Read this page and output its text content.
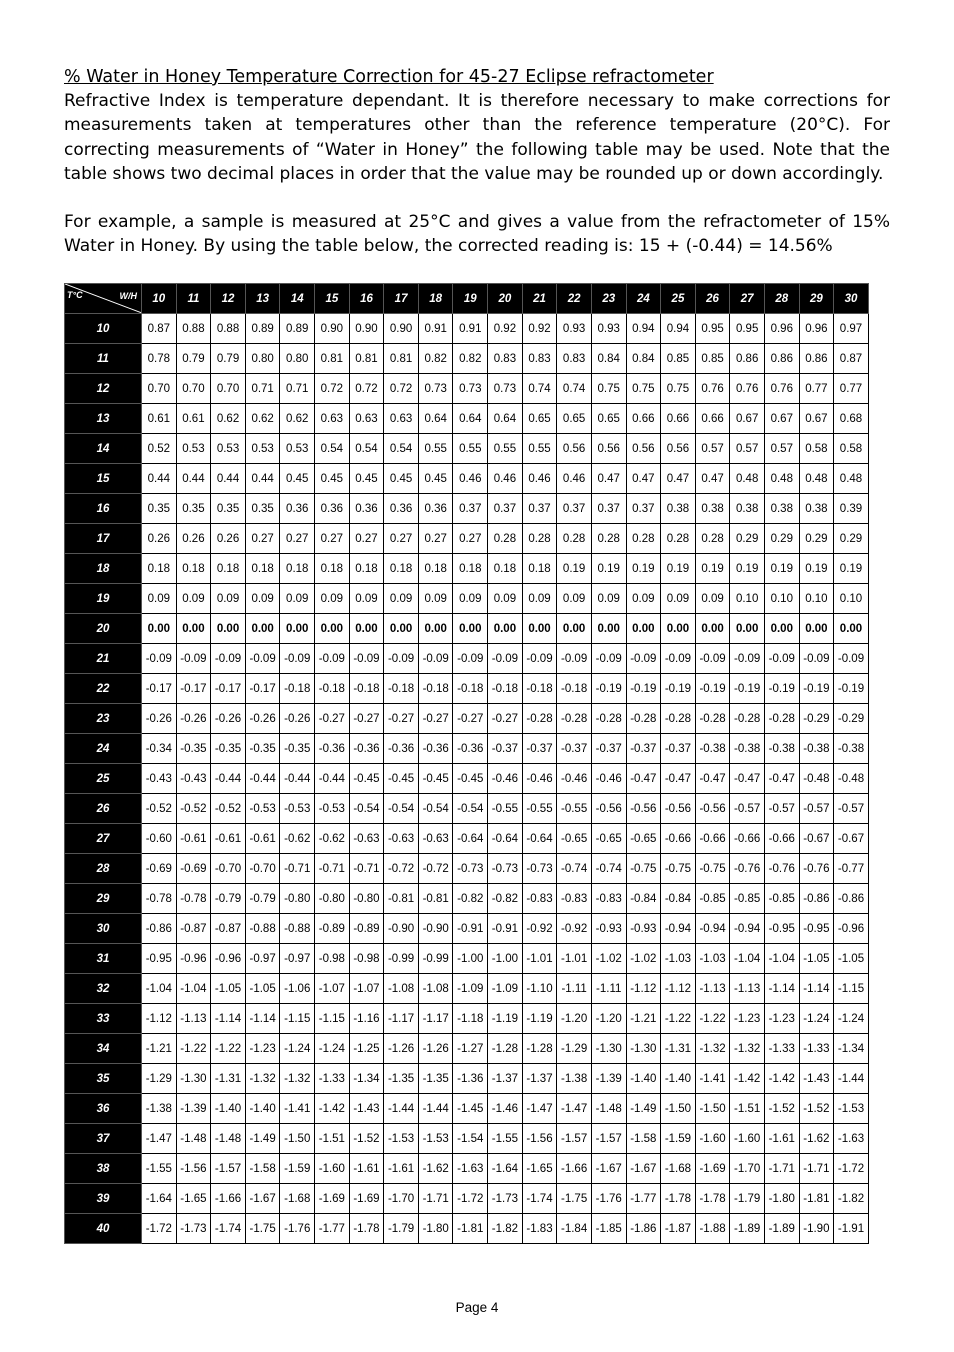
% Water in Honey Temperature Correction for 45-27 Eclipse refractometer

Refractive Index is temperature dependant. It is therefore necessary to make corrections for measurements taken at temperatures other than the reference temperature (20°C). For correcting measurements of “Water in Honey” the following table may be used. Note that the table shows two decimal places in order that the value may be rounded up or down accordingly.

For example, a sample is measured at 25°C and gives a value from the refractometer of 15% Water in Honey. By using the table below, the corrected reading is: 15 + (-0.44) = 14.56%

T°C W/H	10	11	12	13	14	15	16	17	18	19	20	21	22	23	24	25	26	27	28	29	30
10	0.87	0.88	0.88	0.89	0.89	0.90	0.90	0.90	0.91	0.91	0.92	0.92	0.93	0.93	0.94	0.94	0.95	0.95	0.96	0.96	0.97
11	0.78	0.79	0.79	0.80	0.80	0.81	0.81	0.81	0.82	0.82	0.83	0.83	0.83	0.84	0.84	0.85	0.85	0.86	0.86	0.86	0.87
12	0.70	0.70	0.70	0.71	0.71	0.72	0.72	0.72	0.73	0.73	0.73	0.74	0.74	0.75	0.75	0.75	0.76	0.76	0.76	0.77	0.77
13	0.61	0.61	0.62	0.62	0.62	0.63	0.63	0.63	0.64	0.64	0.64	0.65	0.65	0.65	0.66	0.66	0.66	0.67	0.67	0.67	0.68
14	0.52	0.53	0.53	0.53	0.53	0.54	0.54	0.54	0.55	0.55	0.55	0.55	0.56	0.56	0.56	0.56	0.57	0.57	0.57	0.58	0.58
15	0.44	0.44	0.44	0.44	0.45	0.45	0.45	0.45	0.45	0.46	0.46	0.46	0.46	0.47	0.47	0.47	0.47	0.48	0.48	0.48	0.48
16	0.35	0.35	0.35	0.35	0.36	0.36	0.36	0.36	0.36	0.37	0.37	0.37	0.37	0.37	0.37	0.38	0.38	0.38	0.38	0.38	0.39
17	0.26	0.26	0.26	0.27	0.27	0.27	0.27	0.27	0.27	0.27	0.28	0.28	0.28	0.28	0.28	0.28	0.28	0.29	0.29	0.29	0.29
18	0.18	0.18	0.18	0.18	0.18	0.18	0.18	0.18	0.18	0.18	0.18	0.18	0.19	0.19	0.19	0.19	0.19	0.19	0.19	0.19	0.19
19	0.09	0.09	0.09	0.09	0.09	0.09	0.09	0.09	0.09	0.09	0.09	0.09	0.09	0.09	0.09	0.09	0.09	0.10	0.10	0.10	0.10
20	0.00	0.00	0.00	0.00	0.00	0.00	0.00	0.00	0.00	0.00	0.00	0.00	0.00	0.00	0.00	0.00	0.00	0.00	0.00	0.00	0.00
21	-0.09	-0.09	-0.09	-0.09	-0.09	-0.09	-0.09	-0.09	-0.09	-0.09	-0.09	-0.09	-0.09	-0.09	-0.09	-0.09	-0.09	-0.09	-0.09	-0.09	-0.09
22	-0.17	-0.17	-0.17	-0.17	-0.18	-0.18	-0.18	-0.18	-0.18	-0.18	-0.18	-0.18	-0.18	-0.19	-0.19	-0.19	-0.19	-0.19	-0.19	-0.19	-0.19
23	-0.26	-0.26	-0.26	-0.26	-0.26	-0.27	-0.27	-0.27	-0.27	-0.27	-0.27	-0.28	-0.28	-0.28	-0.28	-0.28	-0.28	-0.28	-0.28	-0.29	-0.29
24	-0.34	-0.35	-0.35	-0.35	-0.35	-0.36	-0.36	-0.36	-0.36	-0.36	-0.37	-0.37	-0.37	-0.37	-0.37	-0.37	-0.38	-0.38	-0.38	-0.38	-0.38
25	-0.43	-0.43	-0.44	-0.44	-0.44	-0.44	-0.45	-0.45	-0.45	-0.45	-0.46	-0.46	-0.46	-0.46	-0.47	-0.47	-0.47	-0.47	-0.47	-0.48	-0.48
26	-0.52	-0.52	-0.52	-0.53	-0.53	-0.53	-0.54	-0.54	-0.54	-0.54	-0.55	-0.55	-0.55	-0.56	-0.56	-0.56	-0.56	-0.57	-0.57	-0.57	-0.57
27	-0.60	-0.61	-0.61	-0.61	-0.62	-0.62	-0.63	-0.63	-0.63	-0.64	-0.64	-0.64	-0.65	-0.65	-0.65	-0.66	-0.66	-0.66	-0.66	-0.67	-0.67
28	-0.69	-0.69	-0.70	-0.70	-0.71	-0.71	-0.71	-0.72	-0.72	-0.73	-0.73	-0.73	-0.74	-0.74	-0.75	-0.75	-0.75	-0.76	-0.76	-0.76	-0.77
29	-0.78	-0.78	-0.79	-0.79	-0.80	-0.80	-0.80	-0.81	-0.81	-0.82	-0.82	-0.83	-0.83	-0.83	-0.84	-0.84	-0.85	-0.85	-0.85	-0.86	-0.86
30	-0.86	-0.87	-0.87	-0.88	-0.88	-0.89	-0.89	-0.90	-0.90	-0.91	-0.91	-0.92	-0.92	-0.93	-0.93	-0.94	-0.94	-0.94	-0.95	-0.95	-0.96
31	-0.95	-0.96	-0.96	-0.97	-0.97	-0.98	-0.98	-0.99	-0.99	-1.00	-1.00	-1.01	-1.01	-1.02	-1.02	-1.03	-1.03	-1.04	-1.04	-1.05	-1.05
32	-1.04	-1.04	-1.05	-1.05	-1.06	-1.07	-1.07	-1.08	-1.08	-1.09	-1.09	-1.10	-1.11	-1.11	-1.12	-1.12	-1.13	-1.13	-1.14	-1.14	-1.15
33	-1.12	-1.13	-1.14	-1.14	-1.15	-1.15	-1.16	-1.17	-1.17	-1.18	-1.19	-1.19	-1.20	-1.20	-1.21	-1.22	-1.22	-1.23	-1.23	-1.24	-1.24
34	-1.21	-1.22	-1.22	-1.23	-1.24	-1.24	-1.25	-1.26	-1.26	-1.27	-1.28	-1.28	-1.29	-1.30	-1.30	-1.31	-1.32	-1.32	-1.33	-1.33	-1.34
35	-1.29	-1.30	-1.31	-1.32	-1.32	-1.33	-1.34	-1.35	-1.35	-1.36	-1.37	-1.37	-1.38	-1.39	-1.40	-1.40	-1.41	-1.42	-1.42	-1.43	-1.44
36	-1.38	-1.39	-1.40	-1.40	-1.41	-1.42	-1.43	-1.44	-1.44	-1.45	-1.46	-1.47	-1.47	-1.48	-1.49	-1.50	-1.50	-1.51	-1.52	-1.52	-1.53
37	-1.47	-1.48	-1.48	-1.49	-1.50	-1.51	-1.52	-1.53	-1.53	-1.54	-1.55	-1.56	-1.57	-1.57	-1.58	-1.59	-1.60	-1.60	-1.61	-1.62	-1.63
38	-1.55	-1.56	-1.57	-1.58	-1.59	-1.60	-1.61	-1.61	-1.62	-1.63	-1.64	-1.65	-1.66	-1.67	-1.67	-1.68	-1.69	-1.70	-1.71	-1.71	-1.72
39	-1.64	-1.65	-1.66	-1.67	-1.68	-1.69	-1.69	-1.70	-1.71	-1.72	-1.73	-1.74	-1.75	-1.76	-1.77	-1.78	-1.78	-1.79	-1.80	-1.81	-1.82
40	-1.72	-1.73	-1.74	-1.75	-1.76	-1.77	-1.78	-1.79	-1.80	-1.81	-1.82	-1.83	-1.84	-1.85	-1.86	-1.87	-1.88	-1.89	-1.89	-1.90	-1.91
Page 4
